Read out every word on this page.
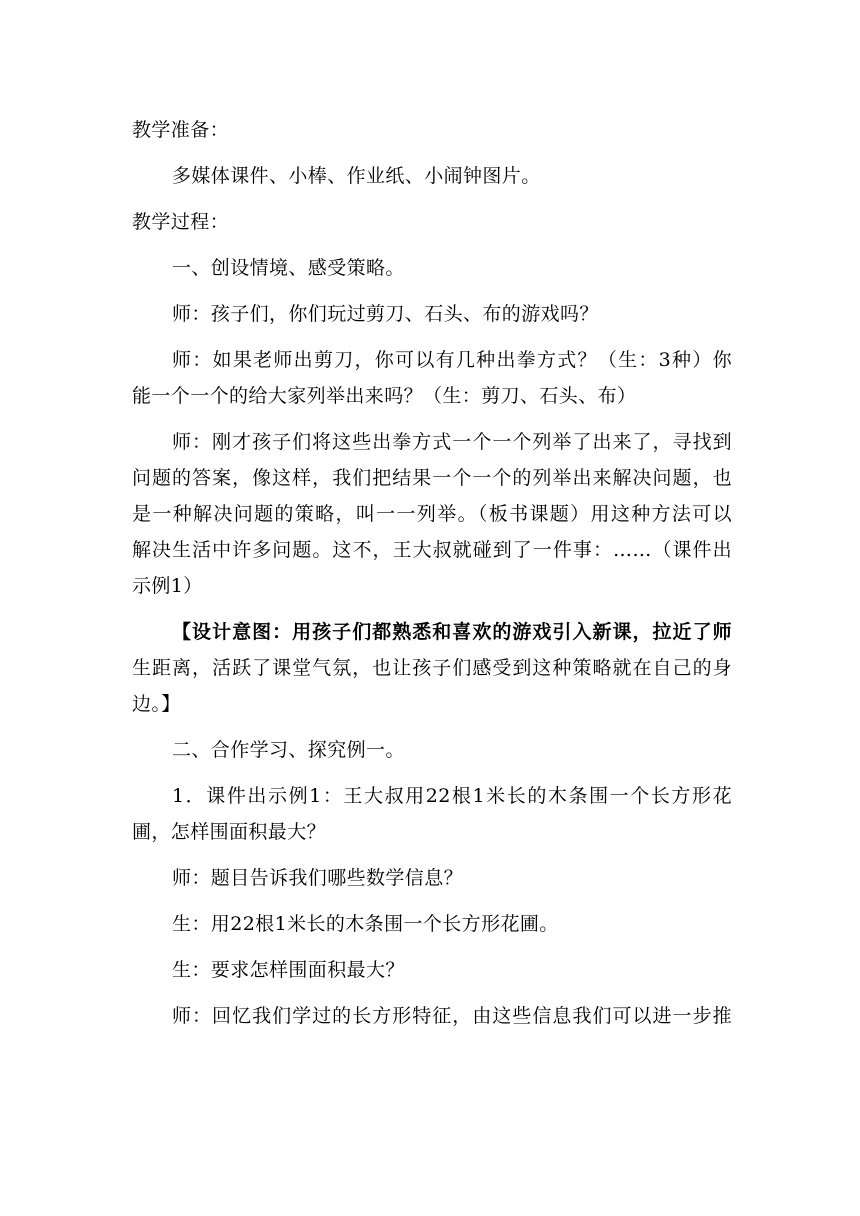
教学准备：

多媒体课件、小棒、作业纸、小闹钟图片。

教学过程：

一、创设情境、感受策略。

师：孩子们，你们玩过剪刀、石头、布的游戏吗？

师：如果老师出剪刀，你可以有几种出拳方式？（生：3种）你

能一个一个的给大家列举出来吗？（生：剪刀、石头、布）

师：刚才孩子们将这些出拳方式一个一个列举了出来了，寻找到

问题的答案，像这样，我们把结果一个一个的列举出来解决问题，也

是一种解决问题的策略，叫一一列举。（板书课题）用这种方法可以

解决生活中许多问题。这不，王大叔就碰到了一件事：……（课件出

示例1）

【设计意图：用孩子们都熟悉和喜欢的游戏引入新课，拉近了师

生距离，活跃了课堂气氛，也让孩子们感受到这种策略就在自己的身

边。】

二、合作学习、探究例一。

1．课件出示例1：王大叔用22根1米长的木条围一个长方形花

圃，怎样围面积最大？

师：题目告诉我们哪些数学信息？

生：用22根1米长的木条围一个长方形花圃。

生：要求怎样围面积最大？

师：回忆我们学过的长方形特征，由这些信息我们可以进一步推
